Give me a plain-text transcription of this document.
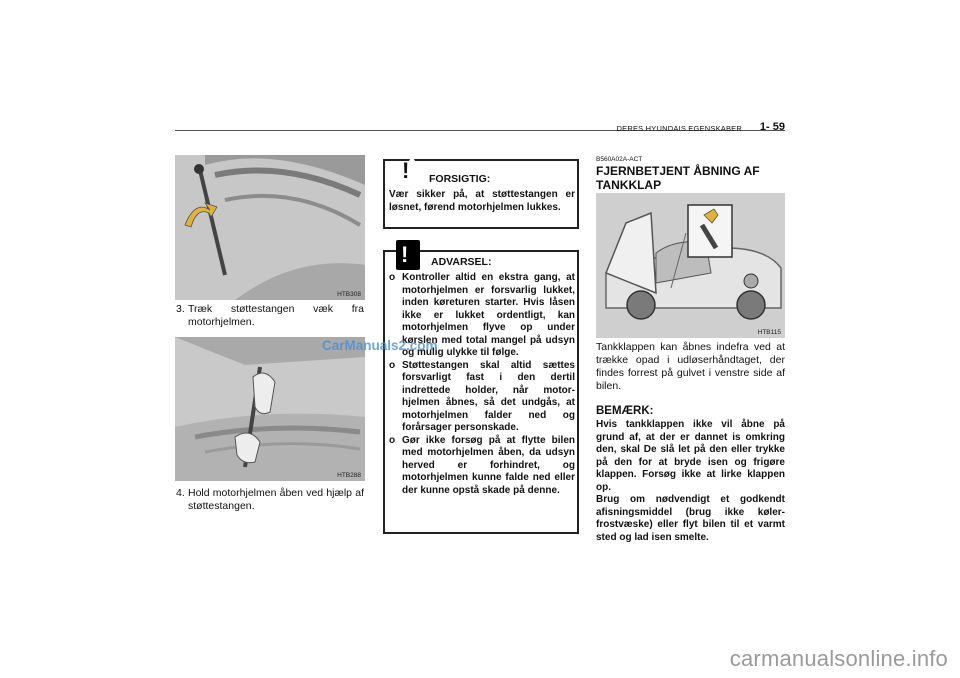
DERES HYUNDAIS EGENSKABER 1- 59
HTB308
3. Træk støttestangen væk fra motorhjelmen.
HTB288
4. Hold motorhjelmen åben ved hjælp af støttestangen.
! FORSIGTIG:
Vær sikker på, at støttestangen er løsnet, førend motorhjelmen lukkes.
! ADVARSEL:

o Kontroller altid en ekstra gang, at motorhjelmen er forsvarlig lukket, inden køreturen starter. Hvis låsen ikke er lukket ordentligt, kan motorhjelmen flyve op under kørslen med total mangel på udsyn og mulig ulykke til følge.

o Støttestangen skal altid sættes forsvarligt fast i den dertil indrettede holder, når motor-hjelmen åbnes, så det undgås, at motorhjelmen falder ned og forårsager personskade.

o Gør ikke forsøg på at flytte bilen med motorhjelmen åben, da udsyn herved er forhindret, og motorhjelmen kunne falde ned eller der kunne opstå skade på denne.

B560A02A-ACT
FJERNBETJENT ÅBNING AF
TANKKLAP
HTB115
Tankklappen kan åbnes indefra ved at trække opad i udløserhåndtaget, der findes forrest på gulvet i venstre side af bilen.
BEMÆRK:
Hvis tankklappen ikke vil åbne på grund af, at der er dannet is omkring den, skal De slå let på den eller trykke på den for at bryde isen og frigøre klappen. Forsøg ikke at lirke klappen op.
Brug om nødvendigt et godkendt afisningsmiddel (brug ikke køler-frostvæske) eller flyt bilen til et varmt sted og lad isen smelte.
CarManuals2.com
carmanualsonline.info
